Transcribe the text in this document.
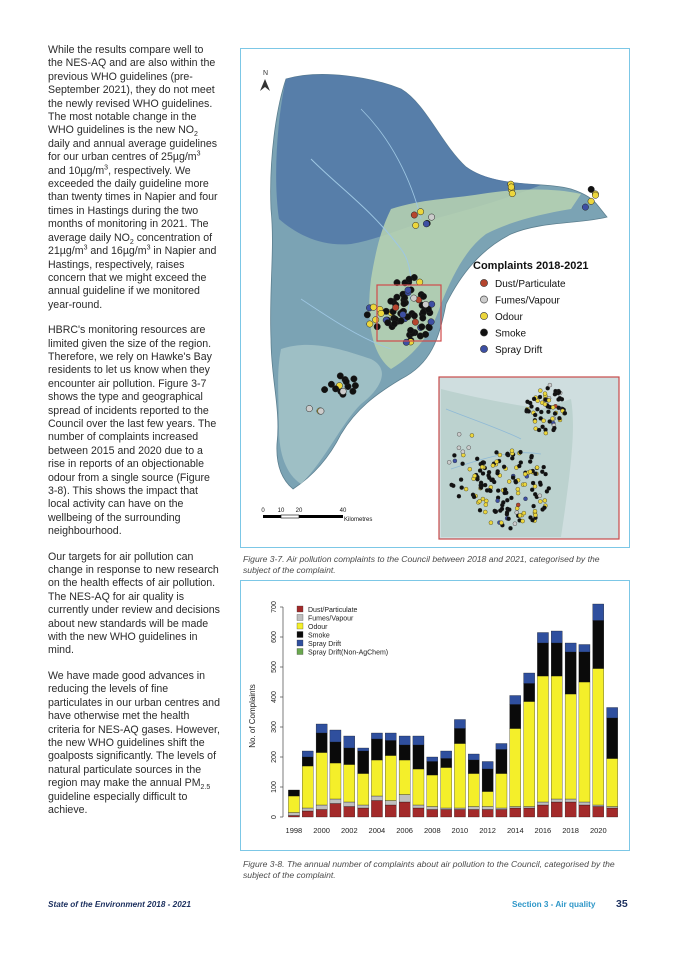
While the results compare well to the NES-AQ and are also within the previous WHO guidelines (pre-September 2021), they do not meet the newly revised WHO guidelines. The most notable change in the WHO guidelines is the new $NO_2$ daily and annual average guidelines for our urban centres of $25\mu g/m^3$ and $10\mu g/m^3$, respectively. We exceeded the daily guideline more than twenty times in Napier and four times in Hastings during the two months of monitoring in 2021. The average daily $NO_2$ concentration of $21\mu g/m^3$ and $16\mu g/m^3$ in Napier and Hastings, respectively, raises concern that we might exceed the annual guideline if we monitored year-round.

HBRC's monitoring resources are limited given the size of the region. Therefore, we rely on Hawke's Bay residents to let us know when they encounter air pollution. Figure 3-7 shows the type and geographical spread of incidents reported to the Council over the last few years. The number of complaints increased between 2015 and 2020 due to a rise in reports of an objectionable odour from a single source (Figure 3-8). This shows the impact that local activity can have on the wellbeing of the surrounding neighbourhood.

Our targets for air pollution can change in response to new research on the health effects of air pollution. The NES-AQ for air quality is currently under review and decisions about new standards will be made with the new WHO guidelines in mind.

We have made good advances in reducing the levels of fine particulates in our urban centres and have otherwise met the health criteria for NES-AQ gases. However, the new WHO guidelines shift the goalposts significantly. The levels of natural particulate sources in the region may make the annual $PM_{2.5}$ guideline especially difficult to achieve.

N
Complaints 2018-2021
Dust/Particulate
Fumes/Vapour
Odour
Smoke
Spray Drift
0 10 20	40
Kilometres
Figure 3-7. Air pollution complaints to the Council between 2018 and 2021, categorised by the subject of the complaint.
No. of Complaints
0
100
200
300
400
500
600
700
1998 2000 2002 2004 2006 2008 2010 2012 2014 2016 2018 2020
Dust/Particulate
Fumes/Vapour
Odour
Smoke
Spray Drift
Spray Drift(Non-AgChem)
Figure 3-8. The annual number of complaints about air pollution to the Council, categorised by the subject of the complaint.
State of the Environment 2018 - 2021	Section 3 - Air quality 35
